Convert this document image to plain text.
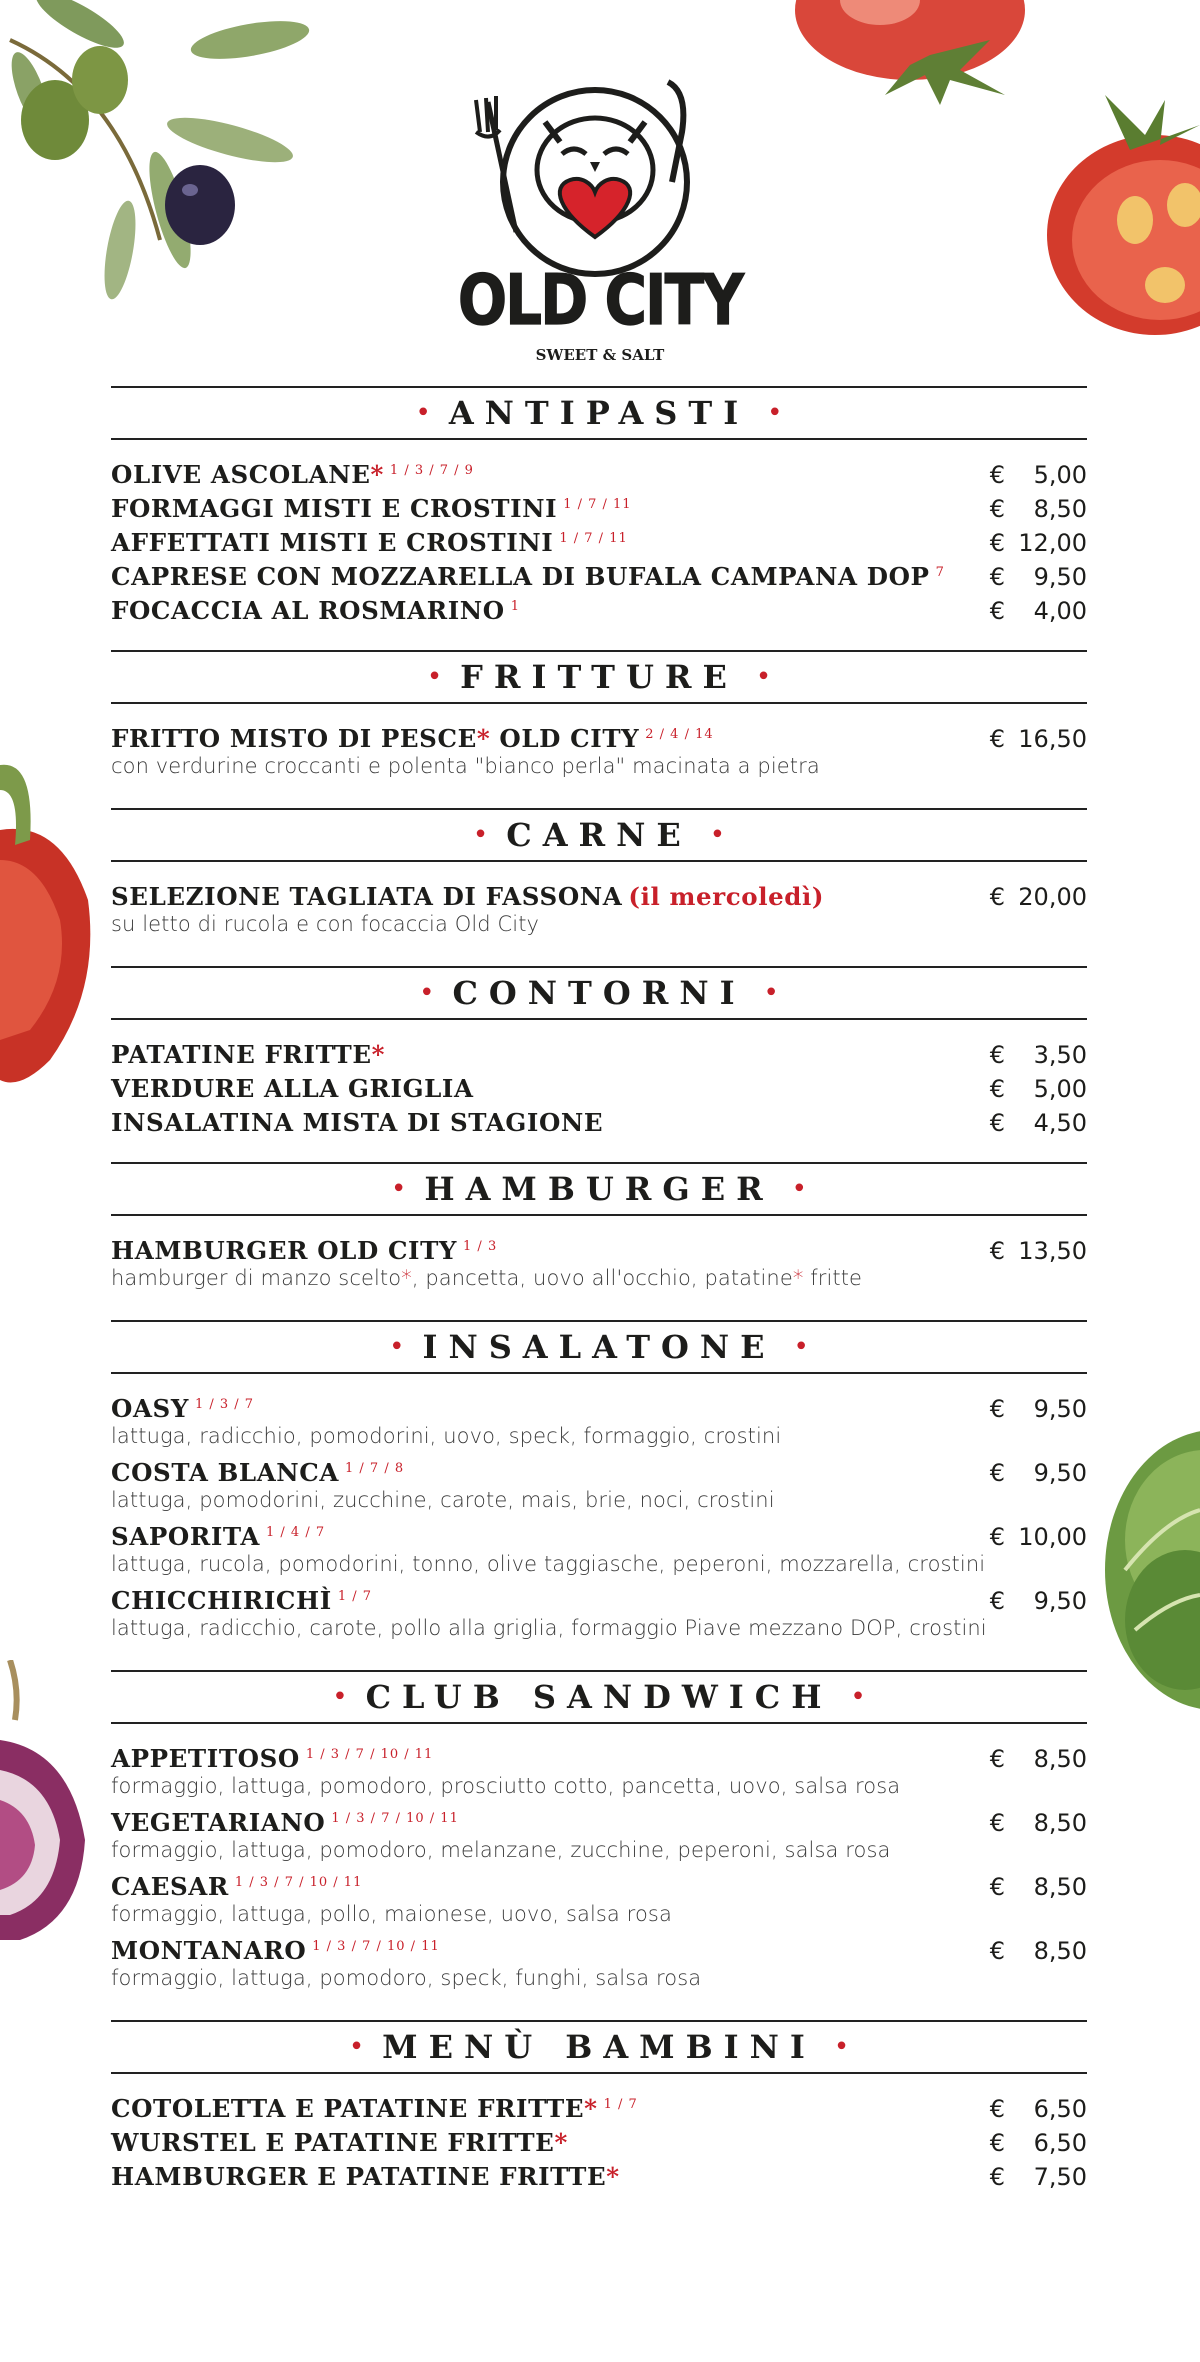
OLD CITY
SWEET & SALT
• ANTIPASTI •
OLIVE ASCOLANE* $^{1 / 3 / 7 / 9}$	€	5,00
FORMAGGI MISTI E CROSTINI $^{1 / 7 / 11}$	€	8,50
AFFETTATI MISTI E CROSTINI $^{1 / 7 / 11}$	€ 12,00
CAPRESE CON MOZZARELLA DI BUFALA CAMPANA DOP $^7$ €	9,50
FOCACCIA AL ROSMARINO $^1$	€	4,00
• FRITTURE •
FRITTO MISTO DI PESCE* OLD CITY $^{2 / 4 / 14}$	€ 16,50
con verdurine croccanti e polenta "bianco perla" macinata a pietra
• CARNE •
SELEZIONE TAGLIATA DI FASSONA (il mercoledì)	€ 20,00
su letto di rucola e con focaccia Old City
• CONTORNI •
PATATINE FRITTE*	€	3,50
VERDURE ALLA GRIGLIA	€	5,00
INSALATINA MISTA DI STAGIONE	€	4,50
• HAMBURGER •
HAMBURGER OLD CITY $^{1 / 3}$	€ 13,50
hamburger di manzo scelto*, pancetta, uovo all'occhio, patatine* fritte
• INSALATONE •
OASY $^{1 / 3 / 7}$	€	9,50
lattuga, radicchio, pomodorini, uovo, speck, formaggio, crostini
COSTA BLANCA $^{1 / 7 / 8}$	€	9,50
lattuga, pomodorini, zucchine, carote, mais, brie, noci, crostini
SAPORITA $^{1 / 4 / 7}$	€ 10,00
lattuga, rucola, pomodorini, tonno, olive taggiasche, peperoni, mozzarella, crostini
CHICCHIRICHÌ $^{1 / 7}$	€	9,50
lattuga, radicchio, carote, pollo alla griglia, formaggio Piave mezzano DOP, crostini
• CLUB SANDWICH •
APPETITOSO $^{1 / 3 / 7 / 10 / 11}$	€	8,50
formaggio, lattuga, pomodoro, prosciutto cotto, pancetta, uovo, salsa rosa
VEGETARIANO $^{1 / 3 / 7 / 10 / 11}$	€	8,50
formaggio, lattuga, pomodoro, melanzane, zucchine, peperoni, salsa rosa
CAESAR $^{1 / 3 / 7 / 10 / 11}$	€	8,50
formaggio, lattuga, pollo, maionese, uovo, salsa rosa
MONTANARO $^{1 / 3 / 7 / 10 / 11}$	€	8,50
formaggio, lattuga, pomodoro, speck, funghi, salsa rosa
• MENÙ BAMBINI •
COTOLETTA E PATATINE FRITTE* $^{1 / 7}$	€	6,50
WURSTEL E PATATINE FRITTE*	€	6,50
HAMBURGER E PATATINE FRITTE*	€	7,50
